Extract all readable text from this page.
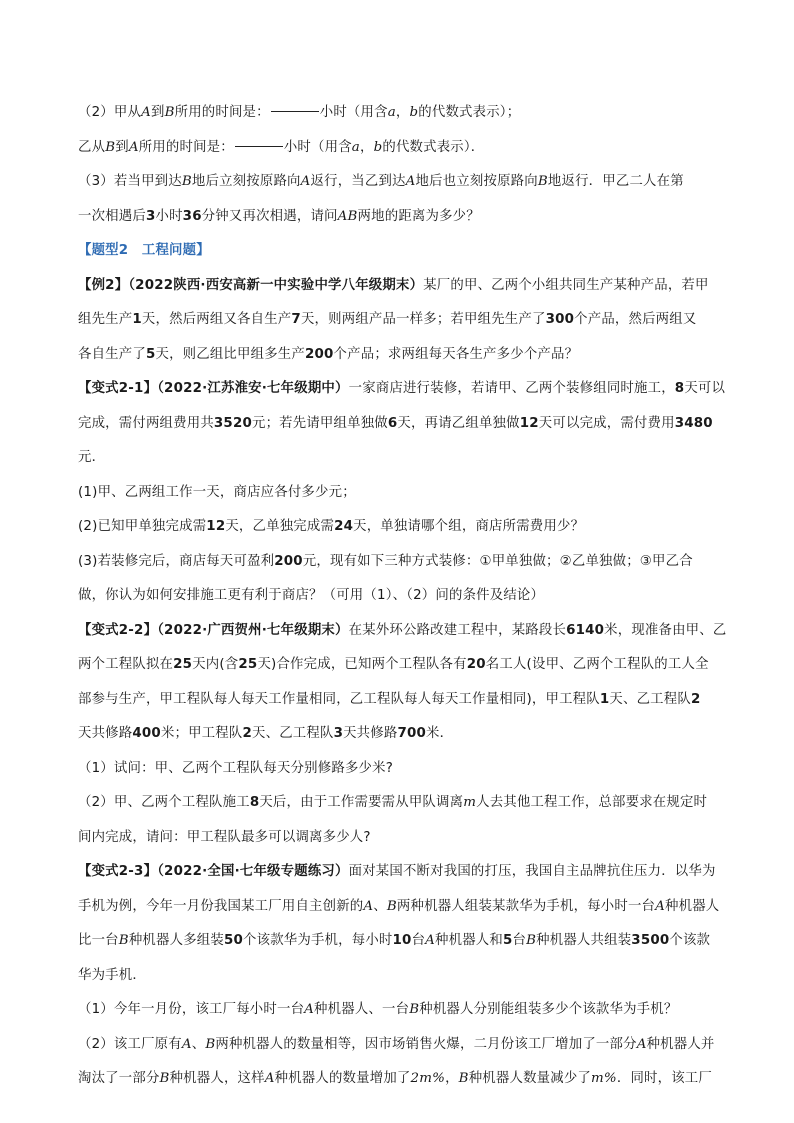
（2）甲从A到B所用的时间是：	小时（用含a，b的代数式表示）；
乙从B到A所用的时间是：	小时（用含a，b的代数式表示）．
（3）若当甲到达B地后立刻按原路向A返行，当乙到达A地后也立刻按原路向B地返行．甲乙二人在第
一次相遇后3小时36分钟又再次相遇，请问AB两地的距离为多少？
【题型2　工程问题】
【例2】（2022陕西·西安高新一中实验中学八年级期末）某厂的甲、乙两个小组共同生产某种产品，若甲
组先生产1天，然后两组又各自生产7天，则两组产品一样多；若甲组先生产了300个产品，然后两组又
各自生产了5天，则乙组比甲组多生产200个产品；求两组每天各生产多少个产品？
【变式2-1】（2022·江苏淮安·七年级期中）一家商店进行装修，若请甲、乙两个装修组同时施工，8天可以
完成，需付两组费用共3520元；若先请甲组单独做6天，再请乙组单独做12天可以完成，需付费用3480
元．
(1)甲、乙两组工作一天，商店应各付多少元；
(2)已知甲单独完成需12天，乙单独完成需24天，单独请哪个组，商店所需费用少？
(3)若装修完后，商店每天可盈利200元，现有如下三种方式装修：①甲单独做；②乙单独做；③甲乙合
做，你认为如何安排施工更有利于商店？（可用（1）、（2）问的条件及结论）
【变式2-2】（2022·广西贺州·七年级期末）在某外环公路改建工程中，某路段长6140米，现准备由甲、乙
两个工程队拟在25天内(含25天)合作完成，已知两个工程队各有20名工人(设甲、乙两个工程队的工人全
部参与生产，甲工程队每人每天工作量相同，乙工程队每人每天工作量相同)，甲工程队1天、乙工程队2
天共修路400米；甲工程队2天、乙工程队3天共修路700米．
（1）试问：甲、乙两个工程队每天分别修路多少米?
（2）甲、乙两个工程队施工8天后，由于工作需要需从甲队调离m人去其他工程工作，总部要求在规定时
间内完成，请问：甲工程队最多可以调离多少人?
【变式2-3】（2022·全国·七年级专题练习）面对某国不断对我国的打压，我国自主品牌抗住压力．以华为
手机为例，今年一月份我国某工厂用自主创新的A、B两种机器人组装某款华为手机，每小时一台A种机器人
比一台B种机器人多组装50个该款华为手机，每小时10台A种机器人和5台B种机器人共组装3500个该款
华为手机．
（1）今年一月份，该工厂每小时一台A种机器人、一台B种机器人分别能组装多少个该款华为手机？
（2）该工厂原有A、B两种机器人的数量相等，因市场销售火爆，二月份该工厂增加了一部分A种机器人并
淘汰了一部分B种机器人，这样A种机器人的数量增加了2m%，B种机器人数量减少了m%．同时，该工厂
